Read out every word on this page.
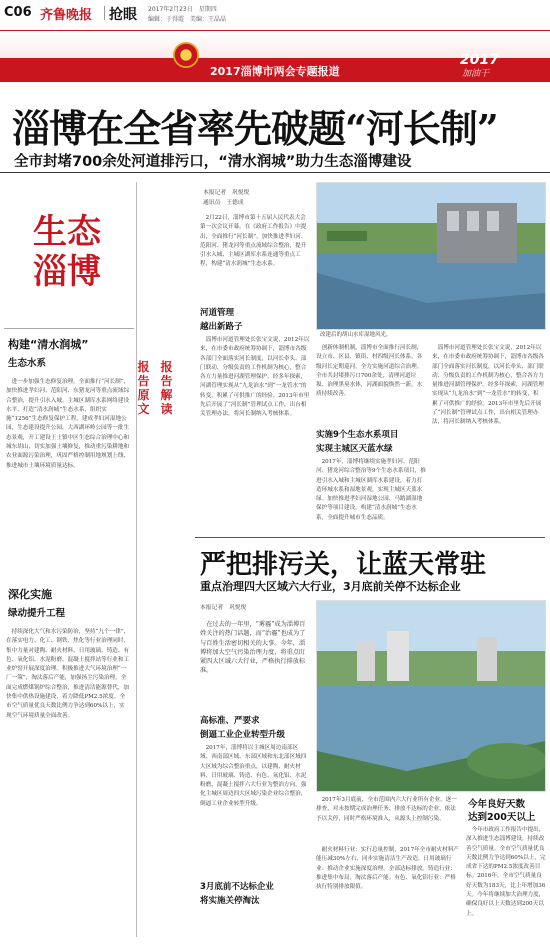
C06 齐鲁晚报 抢眼 2017年2月23日　星期四
编辑：于得霞　美编：王晶晶
2017淄博市两会专题报道
2017
加油干
淄博在全省率先破题“河长制”
全市封堵700余处河道排污口，“清水润城”助力生态淄博建设
生态
淄博
构建“清水润城”
生态水系
进一步加强生态修复治理。全面推行“河长制”，加快推进孝妇河、范阳河、东猪龙河等重点流域综合整治，提升引水入城、主城区湖库水系网络建设水平，打造“清水润城”生态水系，组织实施“1256”生态修复保护工程，建成孝妇河湿地公园，生态建设提升公园，大西湖环岭公园等一批生态景观，开工建设王士镇中区生态综合治理中心和城东胡山、切实加强土壤修复，推动重污染耕地和农业面源污染治理，巩固严格控制用地规划上线，推进城市土壤环境质量达标。
深化实施
绿动提升工程
持续深化大气和水污染防治，坚持“九个一律”，在落实电力、化工、钢铁、焦化等行业治理同时，集中力量对建陶、耐火材料、日用玻璃、铸造、有色、氧化铝、水泥粉磨、混凝土搅拌站等行业和工业炉窑开展深度治理。积极推进大气环境治理“一厂一策”，淘汰落后产能，加强扬尘污染治理，全面完成燃煤锅炉综合整治，推进清洁能源替代，加快集中供热设施建设，着力降低PM2.5浓度。全市空气质量优良天数比例力争达到60%以上，实现空气环境质量全面改善。
报告原文
报告解读
本报记者　巩悦悦
通讯员　王德成
2月22日，淄博市第十五届人民代表大会第一次会议开幕。在《政府工作报告》中提出，全面推行“河长制”，加快推进孝妇河、范阳河、猪龙河等重点流域综合整治，提升引水入城、主城区湖库水系连通等重点工程，构建“清水润城”生态水系。
河道管理
越出新路子
淄博市河道管理处长张宝文说，2012年以来，在市委市政府统筹协调下，淄博市各级各部门全面落实河长制度，以河长牵头、部门联动、分级负责的工作机制为核心，整合各方力量推进河湖管理保护。经多年探索，河湖管理实现从“九龙治水”到“一龙管水”的转变，积累了可供推广的经验。2013年市里先后开展了“河长制”管理试点工作，出台相关管理办法，将河长制纳入考核体系。
改建后的胡山水库湿地风光。
创新体制机制，淄博市全面推行河长制，设立市、区县、镇街、村四级河长体系，各级河长定期巡河，全力实施河道综合治理。全市共封堵排污口700余处，清理河道垃圾、治理黑臭水体，河湖面貌焕然一新，水质持续改善。
实施9个生态水系项目
实现主城区天蓝水绿
2017年，淄博将继续实施孝妇河、范阳河、猪龙河综合整治等9个生态水系项目，推进引水入城和主城区湖库水系建设，着力打造环城水系和湿地景观，实现主城区天蓝水绿。加快推进孝妇河湿地公园、马踏湖湿地保护等项目建设，构建“清水润城”生态水系，全面提升城市生态品质。
淄博市河道管理处长张宝文说，2012年以来，在市委市政府统筹协调下，淄博市各级各部门全面落实河长制度，以河长牵头、部门联动、分级负责的工作机制为核心，整合各方力量推进河湖管理保护。经多年探索，河湖管理实现从“九龙治水”到“一龙管水”的转变，积累了可供推广的经验。2013年市里先后开展了“河长制”管理试点工作，出台相关管理办法，将河长制纳入考核体系。
严把排污关，让蓝天常驻
重点治理四大区域六大行业，3月底前关停不达标企业
本报记者　巩悦悦
在过去的一年里，“雾霾”成为淄博百姓关注的热门话题，而“治霾”也成为了与百姓生活密切相关的大事。今年，淄博将加大空气污染治理力度，将重点盯紧四大区域六大行业，严格执行排放标准。
高标准、严要求
倒逼工业企业转型升级
2017年，淄博将以主城区周边南部区域、西南部区域、东部区域和东北部区域四大区域为综合整治重点，以建陶、耐火材料、日用玻璃、铸造、有色、氧化铝、水泥粉磨、混凝土搅拌六大行业为整治方向，强化主城区周边四大区域污染企业综合整治，倒逼工业企业转型升级。
3月底前不达标企业
将实施关停淘汰
2017年3月底前，全市范围内六大行业所有企业，逐一排查，对未按期完成治理任务、排放不达标的企业，依法予以关停，同时严格环境准入，从源头上控制污染。
耐火材料行业：实行总量控制，2017年全市耐火材料产能压减30%左右，同步实施清洁生产改造。日用玻璃行业：推动企业实施深度治理，全部达标排放。铸造行业：推进集中布局，淘汰落后产能。有色、氧化铝行业：严格执行特别排放限值。
今年良好天数
达到200天以上
今年市政府工作报告中提出，深入推进生态淄博建设，持续改善空气质量。全市空气质量优良天数比例力争达到60%以上，完成省下达的PM2.5浓度改善目标。2016年，全市空气质量良好天数为183天，比上年增加36天。今年将继续加大治理力度，确保良好以上天数达到200天以上。
